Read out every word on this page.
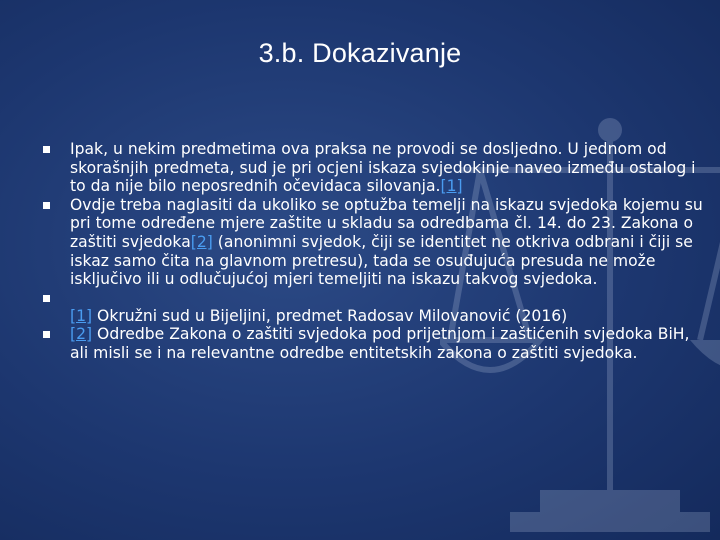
3.b. Dokazivanje
Ipak, u nekim predmetima ova praksa ne provodi se dosljedno. U jednom od skorašnjih predmeta, sud je pri ocjeni iskaza svjedokinje naveo između ostalog i to da nije bilo neposrednih očevidaca silovanja.[1]
Ovdje treba naglasiti da ukoliko se optužba temelji na iskazu svjedoka kojemu su pri tome određene mjere zaštite u skladu sa odredbama čl. 14. do 23. Zakona o zaštiti svjedoka[2] (anonimni svjedok, čiji se identitet ne otkriva odbrani i čiji se iskaz samo čita na glavnom pretresu), tada se osuđujuća presuda ne može isključivo ili u odlučujućoj mjeri temeljiti na iskazu takvog svjedoka.
[1] Okružni sud u Bijeljini, predmet Radosav Milovanović (2016)
[2] Odredbe Zakona o zaštiti svjedoka pod prijetnjom i zaštićenih svjedoka BiH, ali misli se i na relevantne odredbe entitetskih zakona o zaštiti svjedoka.
